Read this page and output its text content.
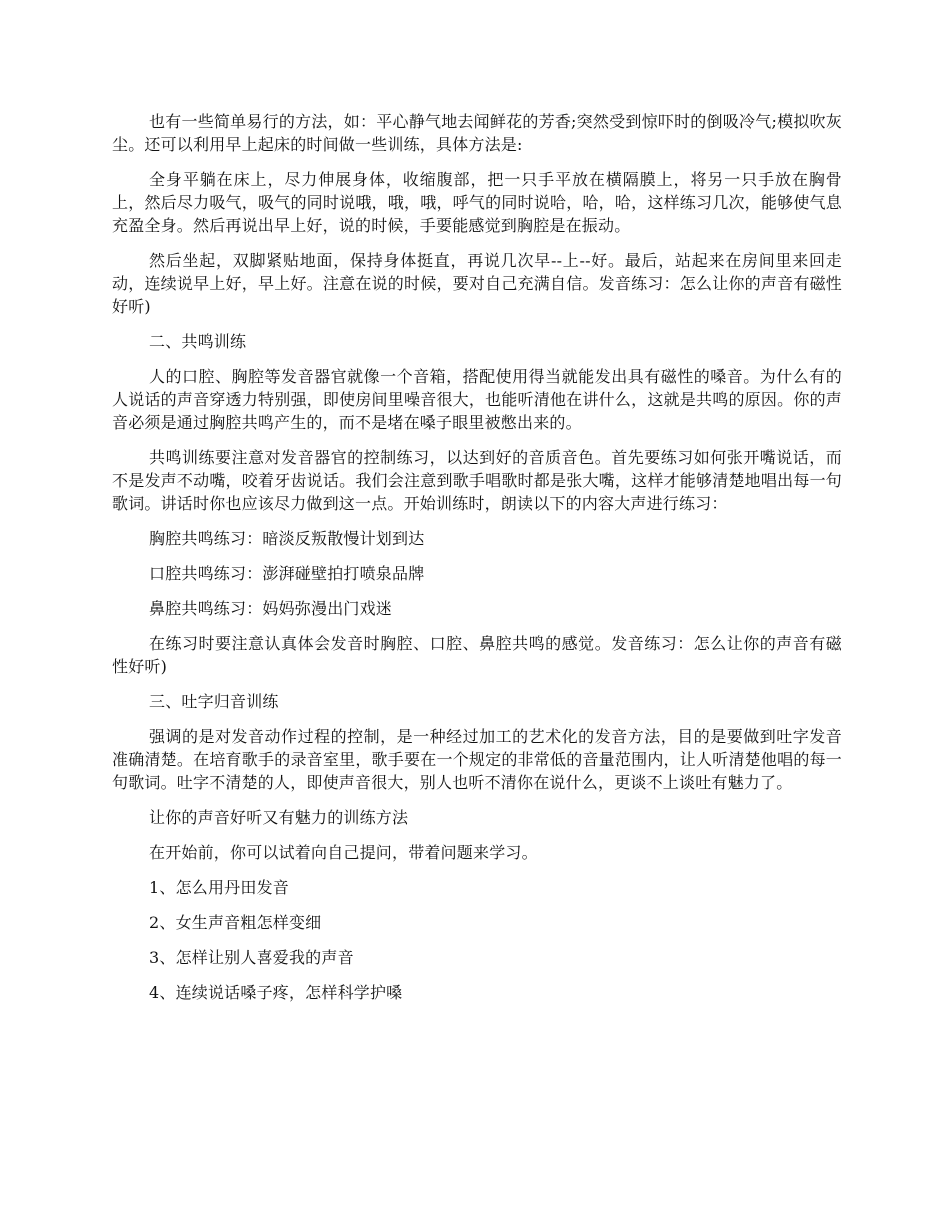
也有一些简单易行的方法，如：平心静气地去闻鲜花的芳香;突然受到惊吓时的倒吸冷气;模拟吹灰尘。还可以利用早上起床的时间做一些训练，具体方法是:

全身平躺在床上，尽力伸展身体，收缩腹部，把一只手平放在横隔膜上，将另一只手放在胸骨上，然后尽力吸气，吸气的同时说哦，哦，哦，呼气的同时说哈，哈，哈，这样练习几次，能够使气息充盈全身。然后再说出早上好，说的时候，手要能感觉到胸腔是在振动。

然后坐起，双脚紧贴地面，保持身体挺直，再说几次早--上--好。最后，站起来在房间里来回走动，连续说早上好，早上好。注意在说的时候，要对自己充满自信。发音练习：怎么让你的声音有磁性好听)

二、共鸣训练

人的口腔、胸腔等发音器官就像一个音箱，搭配使用得当就能发出具有磁性的嗓音。为什么有的人说话的声音穿透力特别强，即使房间里噪音很大，也能听清他在讲什么，这就是共鸣的原因。你的声音必须是通过胸腔共鸣产生的，而不是堵在嗓子眼里被憋出来的。

共鸣训练要注意对发音器官的控制练习，以达到好的音质音色。首先要练习如何张开嘴说话，而不是发声不动嘴，咬着牙齿说话。我们会注意到歌手唱歌时都是张大嘴，这样才能够清楚地唱出每一句歌词。讲话时你也应该尽力做到这一点。开始训练时，朗读以下的内容大声进行练习：

胸腔共鸣练习：暗淡反叛散慢计划到达

口腔共鸣练习：澎湃碰壁拍打喷泉品牌

鼻腔共鸣练习：妈妈弥漫出门戏迷

在练习时要注意认真体会发音时胸腔、口腔、鼻腔共鸣的感觉。发音练习：怎么让你的声音有磁性好听)

三、吐字归音训练

强调的是对发音动作过程的控制，是一种经过加工的艺术化的发音方法，目的是要做到吐字发音准确清楚。在培育歌手的录音室里，歌手要在一个规定的非常低的音量范围内，让人听清楚他唱的每一句歌词。吐字不清楚的人，即使声音很大，别人也听不清你在说什么，更谈不上谈吐有魅力了。

让你的声音好听又有魅力的训练方法

在开始前，你可以试着向自己提问，带着问题来学习。

1、怎么用丹田发音

2、女生声音粗怎样变细

3、怎样让别人喜爱我的声音

4、连续说话嗓子疼，怎样科学护嗓
